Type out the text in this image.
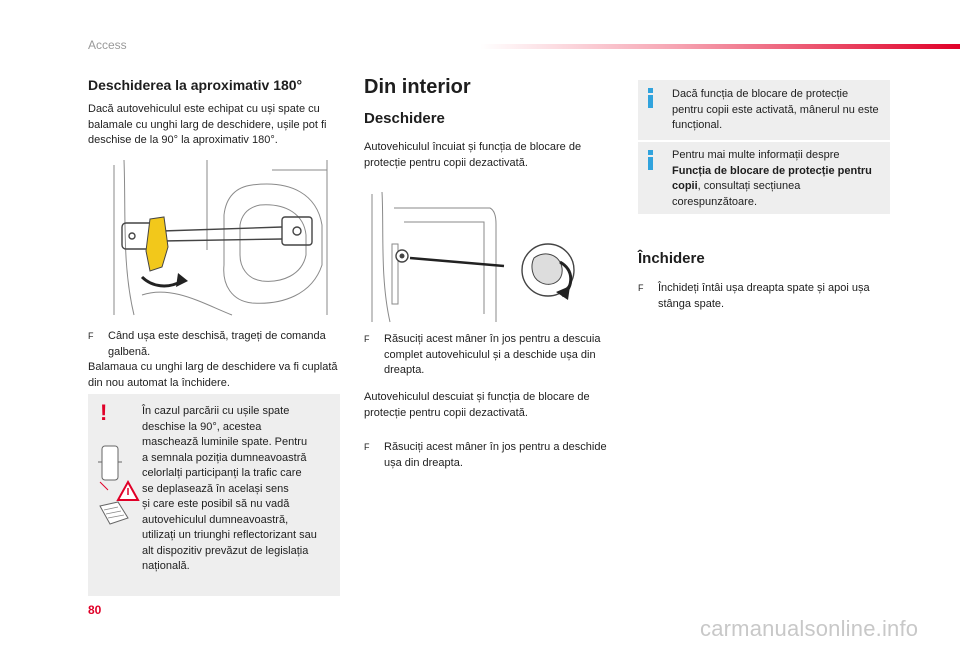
Access
Deschiderea la aproximativ 180°

Dacă autovehiculul este echipat cu uși spate cu balamale cu unghi larg de deschidere, ușile pot fi deschise de la 90° la aproximativ 180°.

F	Când ușa este deschisă, trageți de comanda galbenă.

Balamaua cu unghi larg de deschidere va fi cuplată din nou automat la închidere.

!	În cazul parcării cu ușile spate
deschise la 90°, acestea
maschează luminile spate. Pentru
a semnala poziția dumneavoastră
celorlalți participanți la trafic care
se deplasează în același sens
și care este posibil să nu vadă
autovehiculul dumneavoastră,
utilizați un triunghi reflectorizant sau
alt dispozitiv prevăzut de legislația
națională.
Din interior
Deschidere

Autovehiculul încuiat și funcția de blocare de protecție pentru copii dezactivată.

F	Răsuciți acest mâner în jos pentru a descuia complet autovehiculul și a deschide ușa din dreapta.

Autovehiculul descuiat și funcția de blocare de protecție pentru copii dezactivată.

F	Răsuciți acest mâner în jos pentru a deschide ușa din dreapta.

Dacă funcția de blocare de protecție pentru copii este activată, mânerul nu este funcțional.

Pentru mai multe informații despre Funcția de blocare de protecție pentru copii, consultați secțiunea corespunzătoare.

Închidere
F	Închideți întâi ușa dreapta spate și apoi ușa stânga spate.
80
carmanualsonline.info
